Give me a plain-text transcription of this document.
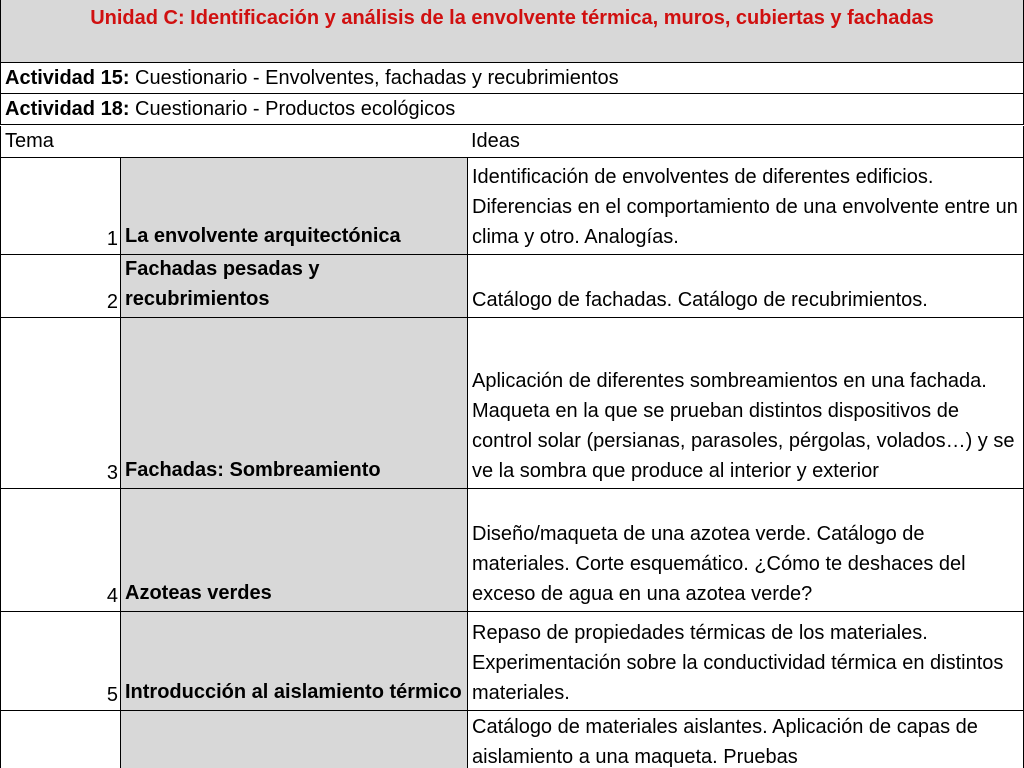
Unidad C: Identificación y análisis de la envolvente térmica, muros, cubiertas y fachadas
Actividad 15: Cuestionario - Envolventes, fachadas y recubrimientos
Actividad 18: Cuestionario - Productos ecológicos
Tema	Ideas
1 La envolvente arquitectónica
Identificación de envolventes de diferentes edificios. Diferencias en el comportamiento de una envolvente entre un clima y otro. Analogías.
2
Fachadas pesadas y recubrimientos	Catálogo de fachadas. Catálogo de recubrimientos.
3 Fachadas: Sombreamiento
Aplicación de diferentes sombreamientos en una fachada. Maqueta en la que se prueban distintos dispositivos de control solar (persianas, parasoles, pérgolas, volados…) y se ve la sombra que produce al interior y exterior
4 Azoteas verdes
Diseño/maqueta de una azotea verde. Catálogo de materiales. Corte esquemático. ¿Cómo te deshaces del exceso de agua en una azotea verde?
5 Introducción al aislamiento térmico
Repaso de propiedades térmicas de los materiales. Experimentación sobre la conductividad térmica en distintos materiales.
Catálogo de materiales aislantes. Aplicación de capas de aislamiento a una maqueta. Pruebas
